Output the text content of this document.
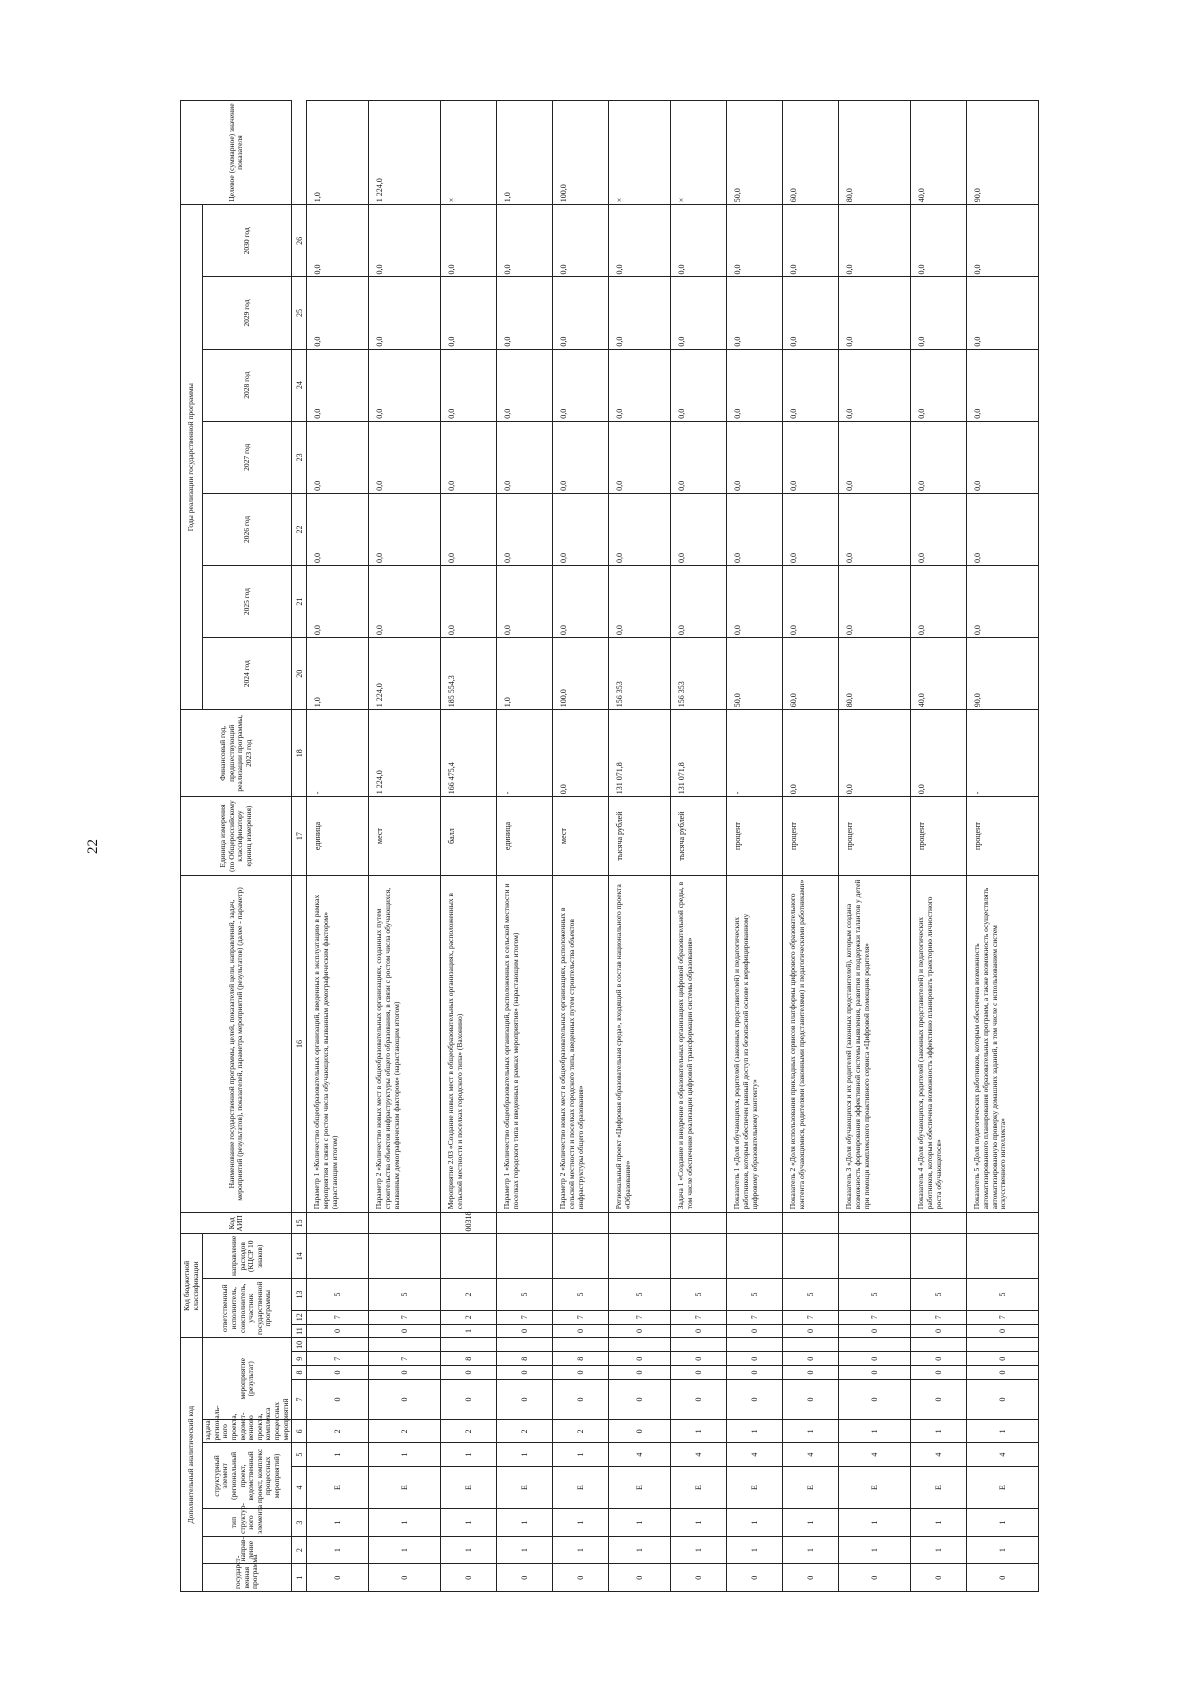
22
Дополнительный аналитический код										Код бюджетной классификации				Код АИП	Наименование государственной программы, целей, показателей цели, направлений, задач, мероприятий (результатов), показателей, параметра мероприятий (результатов) (далее - параметр)	Единица измерения (по Общероссийскому классификатору единиц измерения)	Финансовый год, предшествующий реализации программы, 2023 год	Годы реализации государственной программы							Целевое (суммарное) значение показателя
государст-венная программа	направ-ление	тип структур-ного элемента	структурный элемент (региональный проект, ведомственный проект, комплекс процессных мероприятий)		задача региональ-ного проекта, ведомст-венного проекта, комплекса процессных мероприятий	мероприятие (результат)				ответственный исполнитель, соисполнитель, участник государственной программы			направление расходов (КЦСР 10 знаков)					2024 год	2025 год	2026 год	2027 год	2028 год	2029 год	2030 год	

1	2	3	4	5	6	7	8	9	10	11	12	13	14	15	16	17	18	20	21	22	23	24	25	26	
0	1	1	Е	1	2	0	0	7		0	7	5			Параметр 1 «Количество общеобразовательных организаций, введенных в эксплуатацию в рамках мероприятия в связи с ростом числа обучающихся, вызванным демографическим фактором» (нарастающим итогом)	единица	-	1,0	0,0	0,0	0,0	0,0	0,0	0,0	1,0
0	1	1	Е	1	2	0	0	7		0	7	5			Параметр 2 «Количество новых мест в общеобразовательных организациях, созданных путем строительства объектов инфраструктуры общего образования, в связи с ростом числа обучающихся, вызванным демографическим фактором» (нарастающим итогом)	мест	1 224,0	1 224,0	0,0	0,0	0,0	0,0	0,0	0,0	1 224,0
0	1	1	Е	1	2	0	0	8		1	2	2		00318	Мероприятие 2.03 «Создание новых мест в общеобразовательных организациях, расположенных в сельской местности и поселках городского типа» (Вахонино)	балл	166 475,4	185 554,3	0,0	0,0	0,0	0,0	0,0	0,0	×
0	1	1	Е	1	2	0	0	8		0	7	5			Параметр 1 «Количество общеобразовательных организаций, расположенных в сельской местности и поселках городского типа и введенных в рамках мероприятия» (нарастающим итогом)	единица	-	1,0	0,0	0,0	0,0	0,0	0,0	0,0	1,0
0	1	1	Е	1	2	0	0	8		0	7	5			Параметр 2 «Количество новых мест в общеобразовательных организациях, расположенных в сельской местности и поселках городского типа, введенных путем строительства объектов инфраструктуры общего образования»	мест	0,0	100,0	0,0	0,0	0,0	0,0	0,0	0,0	100,0
0	1	1	Е	4	0	0	0	0		0	7	5			Региональный проект «Цифровая образовательная среда», входящий в состав национального проекта «Образование»	тысяча рублей	131 071,8	156 353	0,0	0,0	0,0	0,0	0,0	0,0	×
0	1	1	Е	4	1	0	0	0		0	7	5			Задача 1 «Создание и внедрение в образовательных организациях цифровой образовательной среды, в том числе обеспечение реализации цифровой трансформации системы образования»	тысяча рублей	131 071,8	156 353	0,0	0,0	0,0	0,0	0,0	0,0	×
0	1	1	Е	4	1	0	0	0		0	7	5			Показатель 1 «Доля обучающихся, родителей (законных представителей) и педагогических работников, которым обеспечен равный доступ из безопасной основе к верифицированному цифровому образовательному контенту»	процент	-	50,0	0,0	0,0	0,0	0,0	0,0	0,0	50,0
0	1	1	Е	4	1	0	0	0		0	7	5			Показатель 2 «Доля использования прикладных сервисов платформы цифрового образовательного контента обучающимися, родителями (законными представителями) и педагогическими работниками»	процент	0,0	60,0	0,0	0,0	0,0	0,0	0,0	0,0	60,0
0	1	1	Е	4	1	0	0	0		0	7	5			Показатель 3 «Доля обучающихся и их родителей (законных представителей), которым создана возможность формирования эффективной системы выявления, развития и поддержки талантов у детей при помощи комплексного проактивного сервиса «Цифровой помощник родителя»	процент	0,0	80,0	0,0	0,0	0,0	0,0	0,0	0,0	80,0
0	1	1	Е	4	1	0	0	0		0	7	5			Показатель 4 «Доля обучающихся, родителей (законных представителей) и педагогических работников, которым обеспечена возможность эффективно планировать траекторию личностного роста обучающегося»	процент	0,0	40,0	0,0	0,0	0,0	0,0	0,0	0,0	40,0
0	1	1	Е	4	1	0	0	0		0	7	5			Показатель 5 «Доля педагогических работников, которым обеспечена возможность автоматизированного планирования образовательных программ, а также возможность осуществлять автоматизированную проверку домашних заданий, в том числе с использованием систем искусственного интеллекта»	процент	-	90,0	0,0	0,0	0,0	0,0	0,0	0,0	90,0
